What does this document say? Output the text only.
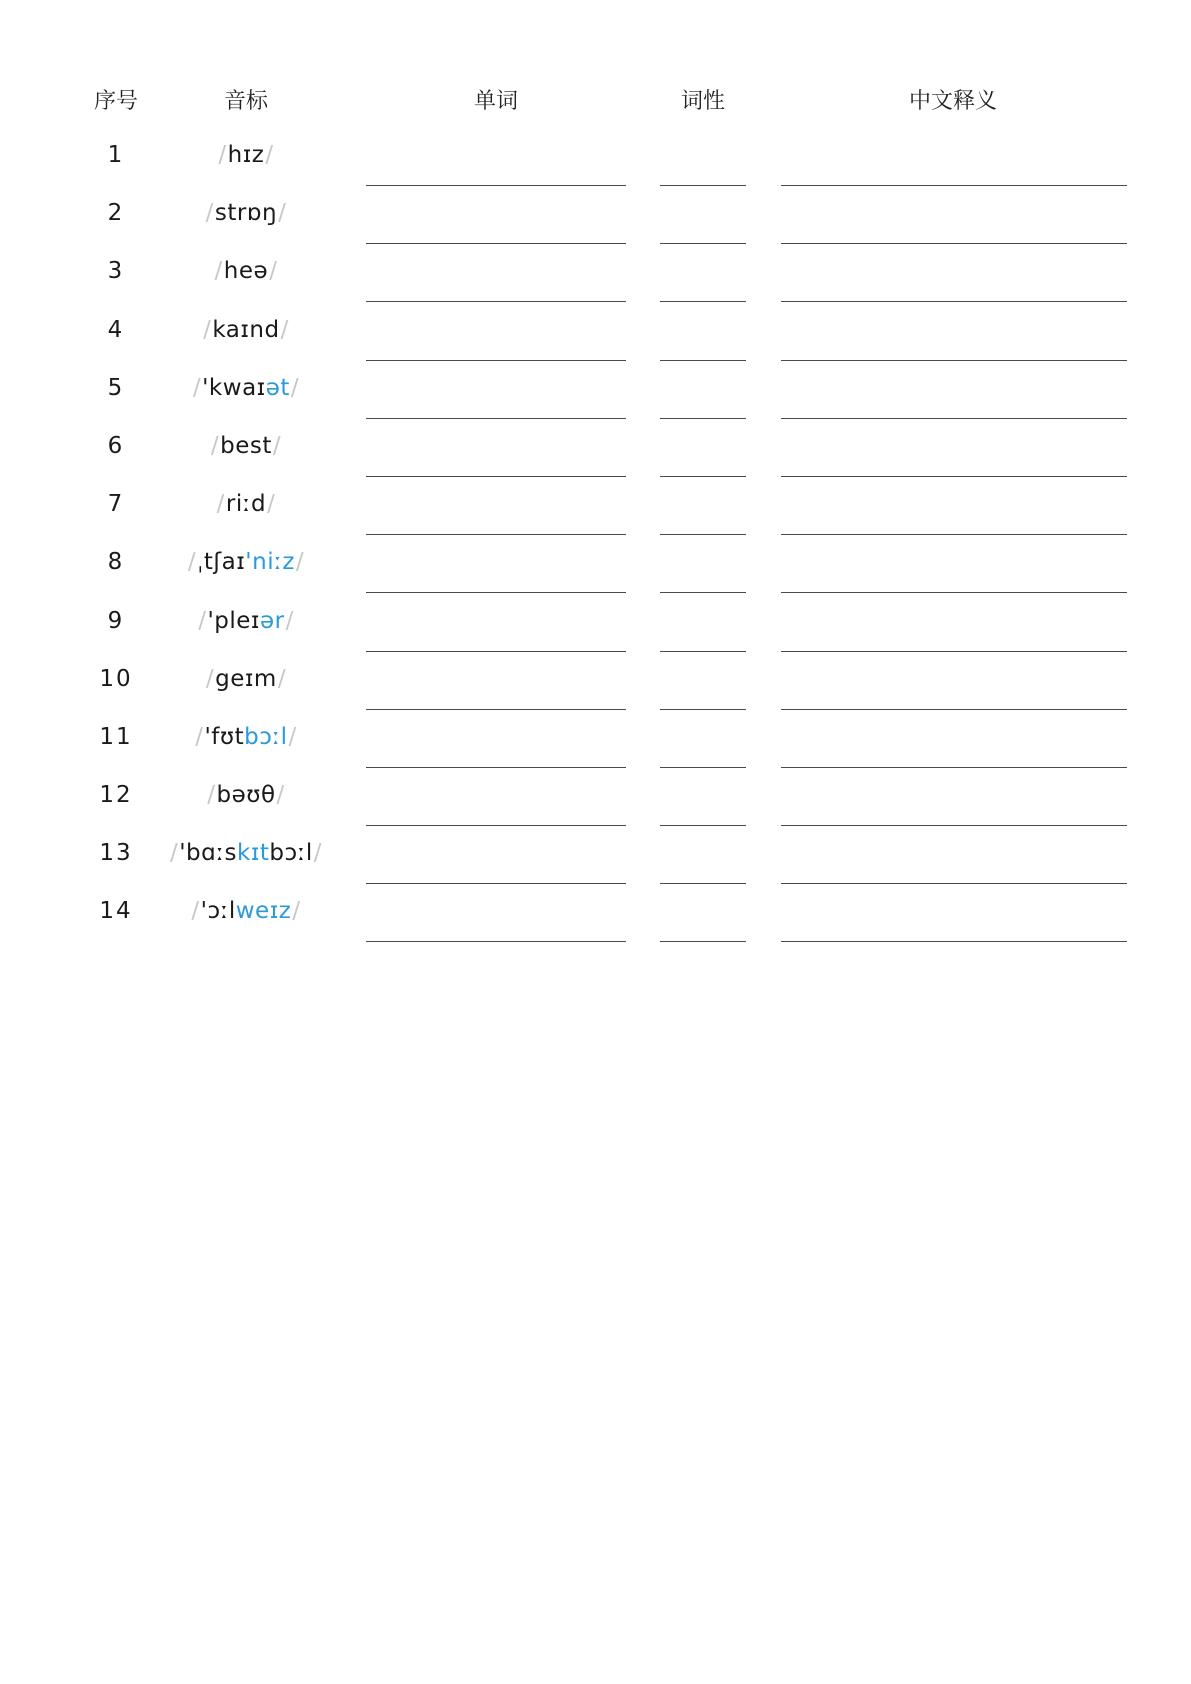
序号	音标	单词	词性	中文释义
1	/hɪz/
2	/strɒŋ/
3	/heə/
4	/kaɪnd/
5	/'kwaɪət/
6	/best/
7	/riːd/
8	/ˌtʃaɪ'niːz/
9	/'pleɪər/
10	/geɪm/
11	/'fʊtbɔːl/
12	/bəʊθ/
13	/'bɑːskɪtbɔːl/
14	/'ɔːlweɪz/
